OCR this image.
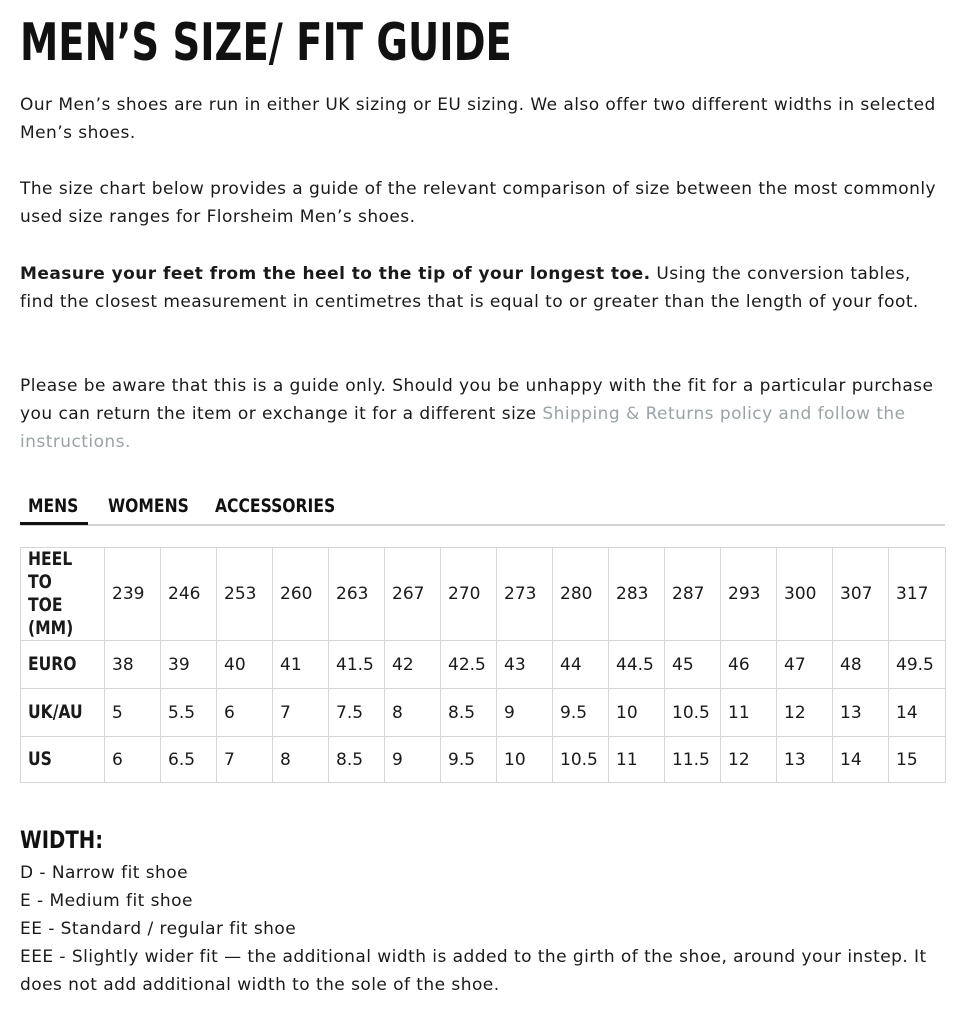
MEN’S SIZE/ FIT GUIDE

Our Men’s shoes are run in either UK sizing or EU sizing. We also offer two different widths in selected Men’s shoes.

The size chart below provides a guide of the relevant comparison of size between the most commonly used size ranges for Florsheim Men’s shoes.

Measure your feet from the heel to the tip of your longest toe. Using the conversion tables, find the closest measurement in centimetres that is equal to or greater than the length of your foot.

Please be aware that this is a guide only. Should you be unhappy with the fit for a particular purchase you can return the item or exchange it for a different size Shipping & Returns policy and follow the instructions.

MENS WOMENS ACCESSORIES
HEEL
TO TOE
(MM)	239	246	253	260	263	267	270	273	280	283	287	293	300	307	317
EURO	38	39	40	41	41.5	42	42.5	43	44	44.5	45	46	47	48	49.5
UK/AU	5	5.5	6	7	7.5	8	8.5	9	9.5	10	10.5	11	12	13	14
US	6	6.5	7	8	8.5	9	9.5	10	10.5	11	11.5	12	13	14	15
WIDTH:
D - Narrow fit shoe
E - Medium fit shoe
EE - Standard / regular fit shoe
EEE - Slightly wider fit — the additional width is added to the girth of the shoe, around your instep. It does not add additional width to the sole of the shoe.
